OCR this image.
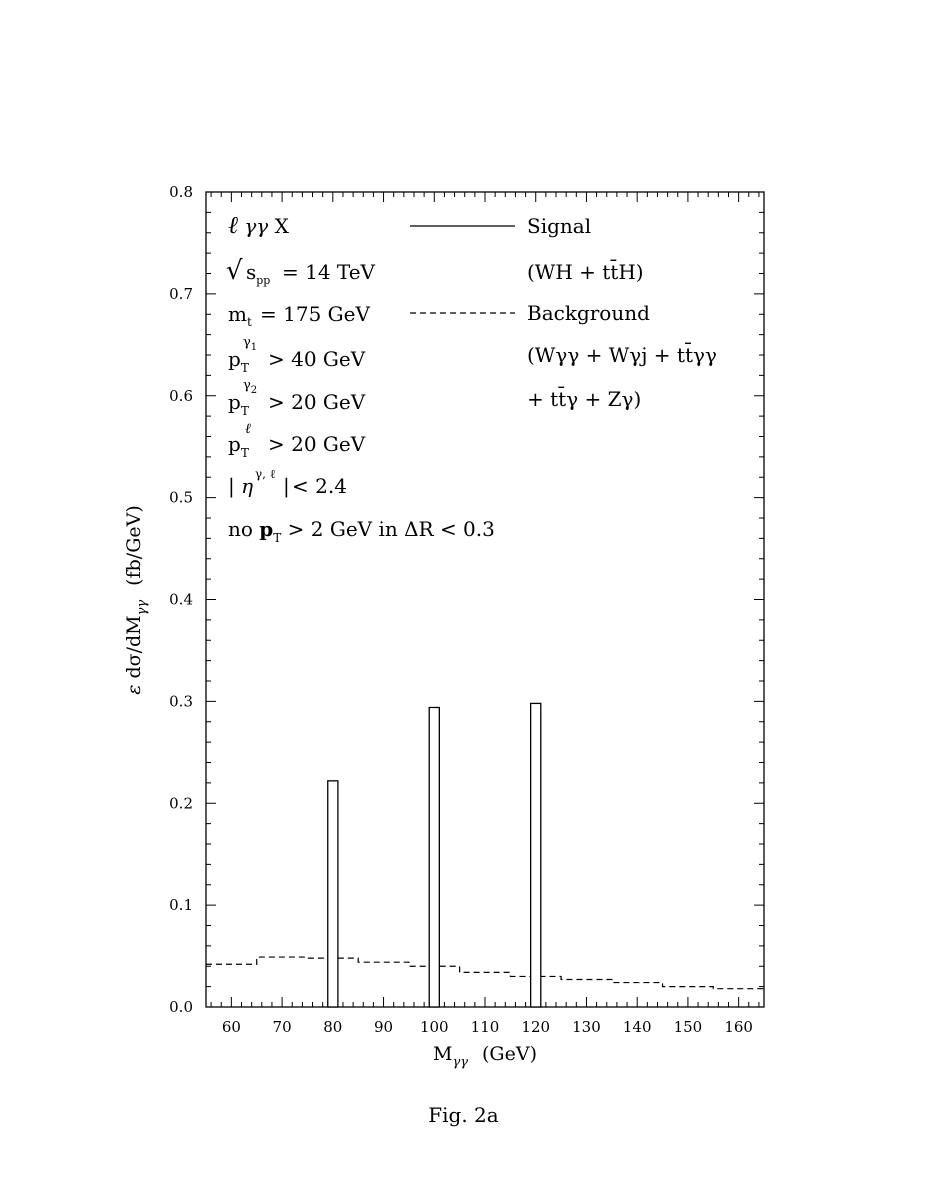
60 70 80 90 100 110 120 130 140 150 160
0.0
0.1
0.2
0.3
0.4
0.5
0.6
0.7
0.8
$M_{\gamma\gamma}$ (GeV)
ε $d\sigma/dM_{\gamma\gamma}(fb/GeV)$
ℓ γγ X
√ $s_{pp} = 14$ TeV
$m_t = 175$ GeV
$p_T$
$\gamma_1 > 40$ GeV
$p_T$
$\gamma_2 > 20$ GeV
$p_T$
ℓ
> 20 GeV
| η γ, ℓ | < 2.4
no $p_T > 2$ GeV in ΔR < 0.3
Signal
(WH + tt̄H)
Background
(Wγγ + Wγj + tt̄γγ
+ tt̄γ + Zγ)
Fig. 2a
